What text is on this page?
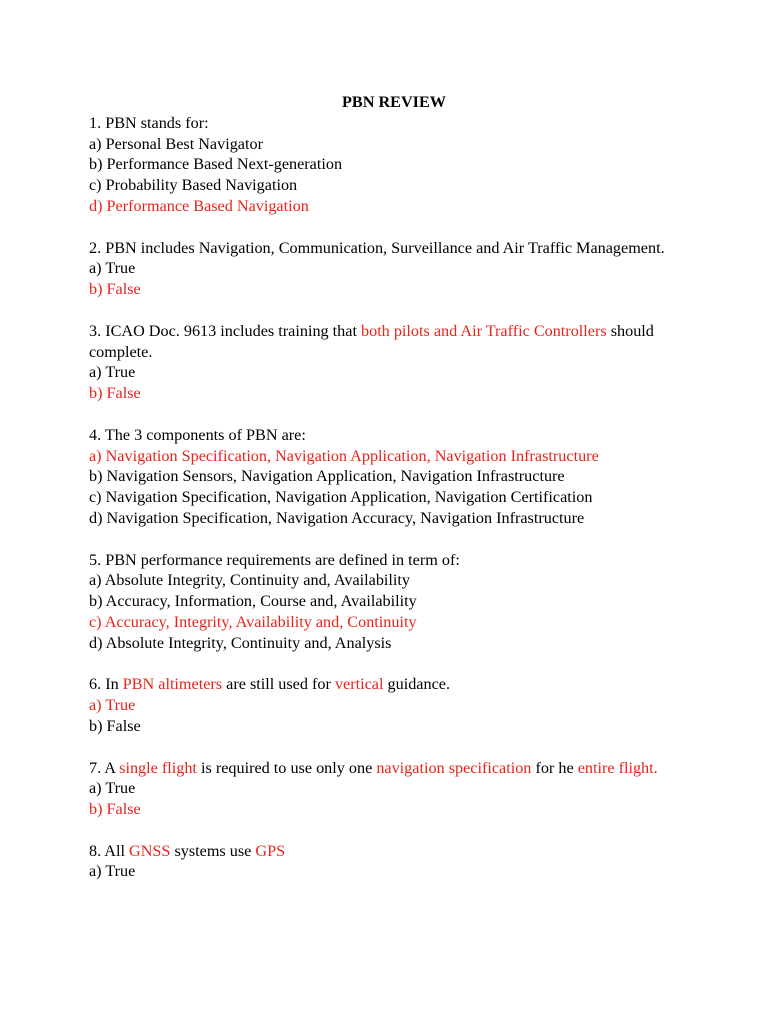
PBN REVIEW

1. PBN stands for:

a) Personal Best Navigator

b) Performance Based Next-generation

c) Probability Based Navigation

d) Performance Based Navigation

2. PBN includes Navigation, Communication, Surveillance and Air Traffic Management.

a) True

b) False

3. ICAO Doc. 9613 includes training that both pilots and Air Traffic Controllers should complete.

a) True

b) False

4. The 3 components of PBN are:

a) Navigation Specification, Navigation Application, Navigation Infrastructure

b) Navigation Sensors, Navigation Application, Navigation Infrastructure

c) Navigation Specification, Navigation Application, Navigation Certification

d) Navigation Specification, Navigation Accuracy, Navigation Infrastructure

5. PBN performance requirements are defined in term of:

a) Absolute Integrity, Continuity and, Availability

b) Accuracy, Information, Course and, Availability

c) Accuracy, Integrity, Availability and, Continuity

d) Absolute Integrity, Continuity and, Analysis

6. In PBN altimeters are still used for vertical guidance.

a) True

b) False

7. A single flight is required to use only one navigation specification for he entire flight.

a) True

b) False

8. All GNSS systems use GPS

a) True
